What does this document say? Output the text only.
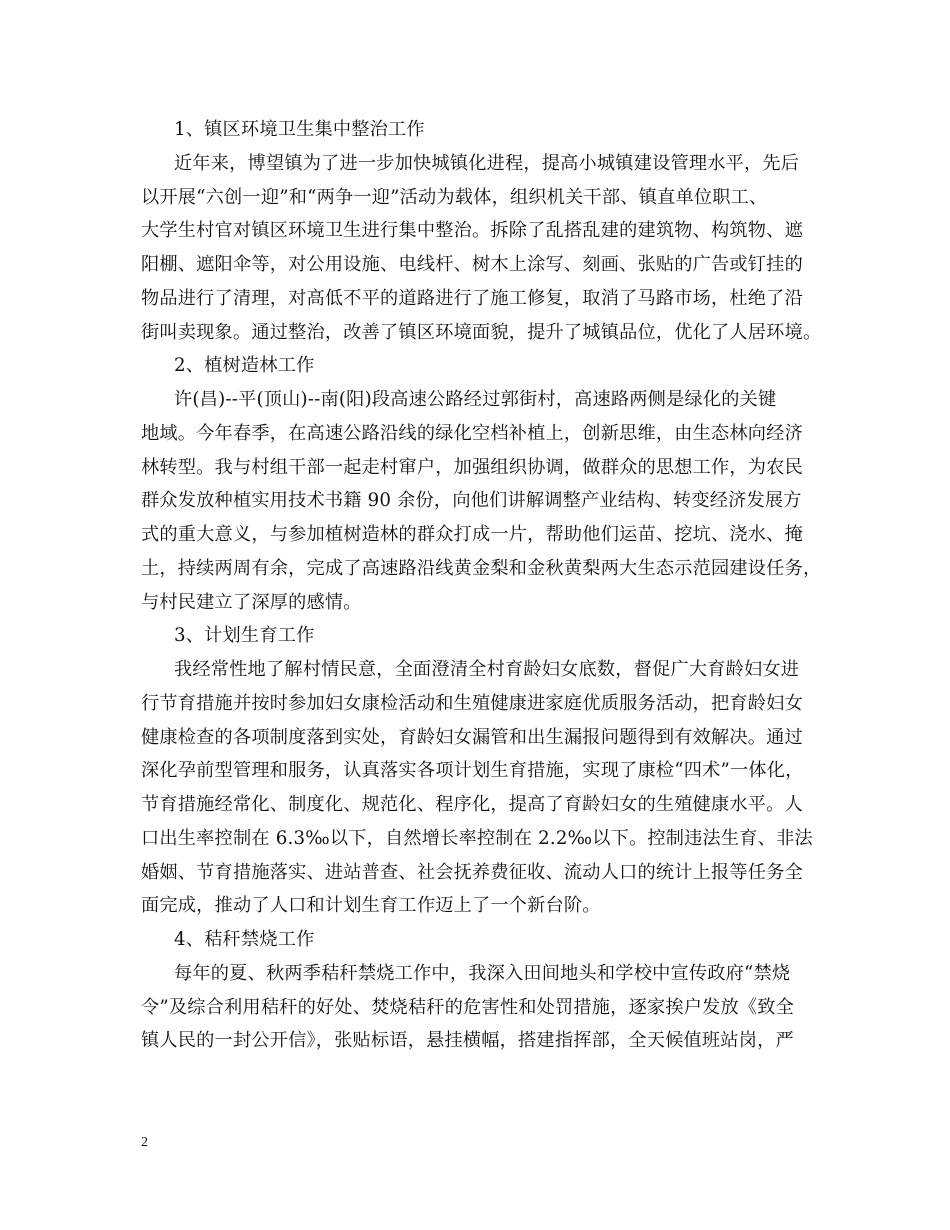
1、镇区环境卫生集中整治工作

近年来，博望镇为了进一步加快城镇化进程，提高小城镇建设管理水平，先后

以开展“六创一迎”和“两争一迎”活动为载体，组织机关干部、镇直单位职工、

大学生村官对镇区环境卫生进行集中整治。拆除了乱搭乱建的建筑物、构筑物、遮

阳棚、遮阳伞等，对公用设施、电线杆、树木上涂写、刻画、张贴的广告或钉挂的

物品进行了清理，对高低不平的道路进行了施工修复，取消了马路市场，杜绝了沿

街叫卖现象。通过整治，改善了镇区环境面貌，提升了城镇品位，优化了人居环境。

2、植树造林工作

许(昌)--平(顶山)--南(阳)段高速公路经过郭街村，高速路两侧是绿化的关键

地域。今年春季，在高速公路沿线的绿化空档补植上，创新思维，由生态林向经济

林转型。我与村组干部一起走村窜户，加强组织协调，做群众的思想工作，为农民

群众发放种植实用技术书籍 90 余份，向他们讲解调整产业结构、转变经济发展方

式的重大意义，与参加植树造林的群众打成一片，帮助他们运苗、挖坑、浇水、掩

土，持续两周有余，完成了高速路沿线黄金梨和金秋黄梨两大生态示范园建设任务，

与村民建立了深厚的感情。

3、计划生育工作

我经常性地了解村情民意，全面澄清全村育龄妇女底数，督促广大育龄妇女进

行节育措施并按时参加妇女康检活动和生殖健康进家庭优质服务活动，把育龄妇女

健康检查的各项制度落到实处，育龄妇女漏管和出生漏报问题得到有效解决。通过

深化孕前型管理和服务，认真落实各项计划生育措施，实现了康检“四术”一体化，

节育措施经常化、制度化、规范化、程序化，提高了育龄妇女的生殖健康水平。人

口出生率控制在 6.3‰以下，自然增长率控制在 2.2‰以下。控制违法生育、非法

婚姻、节育措施落实、进站普查、社会抚养费征收、流动人口的统计上报等任务全

面完成，推动了人口和计划生育工作迈上了一个新台阶。

4、秸秆禁烧工作

每年的夏、秋两季秸秆禁烧工作中，我深入田间地头和学校中宣传政府“禁烧

令”及综合利用秸秆的好处、焚烧秸秆的危害性和处罚措施，逐家挨户发放《致全

镇人民的一封公开信》，张贴标语，悬挂横幅，搭建指挥部，全天候值班站岗，严

2
